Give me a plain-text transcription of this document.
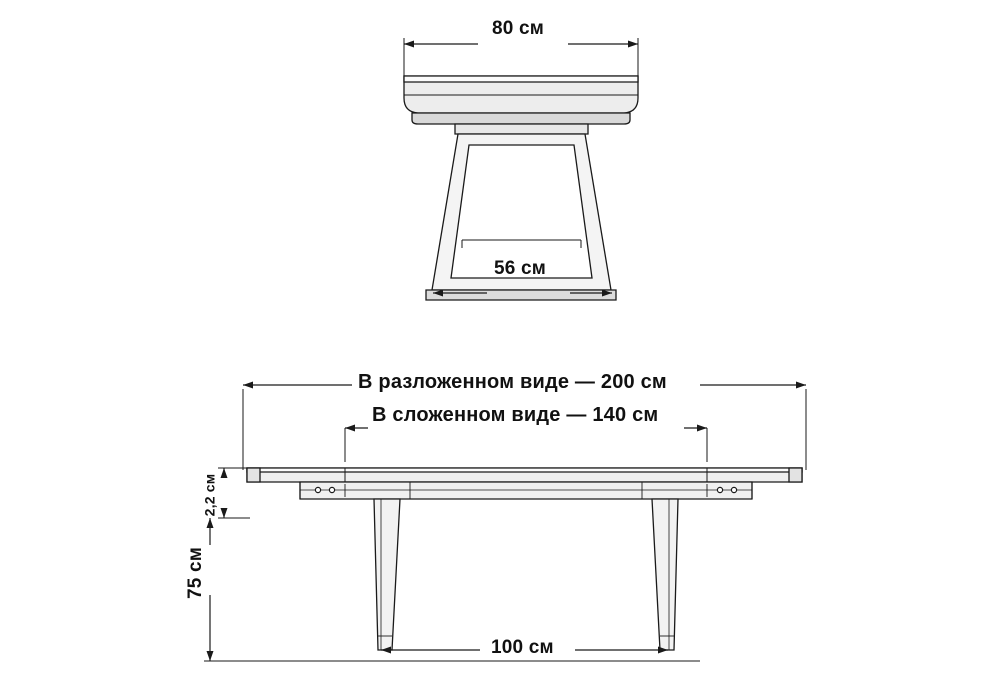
80 см
56 см
В разложенном виде — 200 см
В сложенном виде — 140 см
2,2 см
75 см
100 см
